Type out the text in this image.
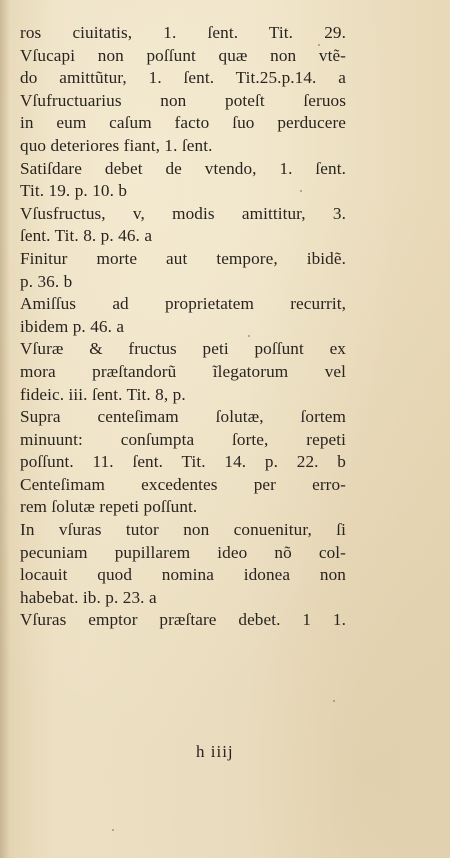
ros ciuitatis, 1. ſent. Tit. 29.
Vſucapi non poſſunt quæ non vtẽ-
do amittũtur, 1. ſent. Tit.25.p.14. a
Vſufructuarius non poteſt ſeruos
in eum caſum facto ſuo perducere
quo deteriores fiant, 1. ſent.
Satiſdare debet de vtendo, 1. ſent.
Tit. 19. p. 10. b
Vſusfructus, v, modis amittitur, 3.
ſent. Tit. 8. p. 46. a
Finitur morte aut tempore, ibidẽ.
p. 36. b
Amiſſus ad proprietatem recurrit,
ibidem p. 46. a
Vſuræ & fructus peti poſſunt ex
mora præſtandorũ ĩlegatorum vel
fideic. iii. ſent. Tit. 8, p.
Supra centeſimam ſolutæ, ſortem
minuunt: conſumpta ſorte, repeti
poſſunt. 11. ſent. Tit. 14. p. 22. b
Centeſimam excedentes per erro-
rem ſolutæ repeti poſſunt.
In vſuras tutor non conuenitur, ſi
pecuniam pupillarem ideo nõ col-
locauit quod nomina idonea non
habebat. ib. p. 23. a
Vſuras emptor præſtare debet. 1 1.
h iiij
